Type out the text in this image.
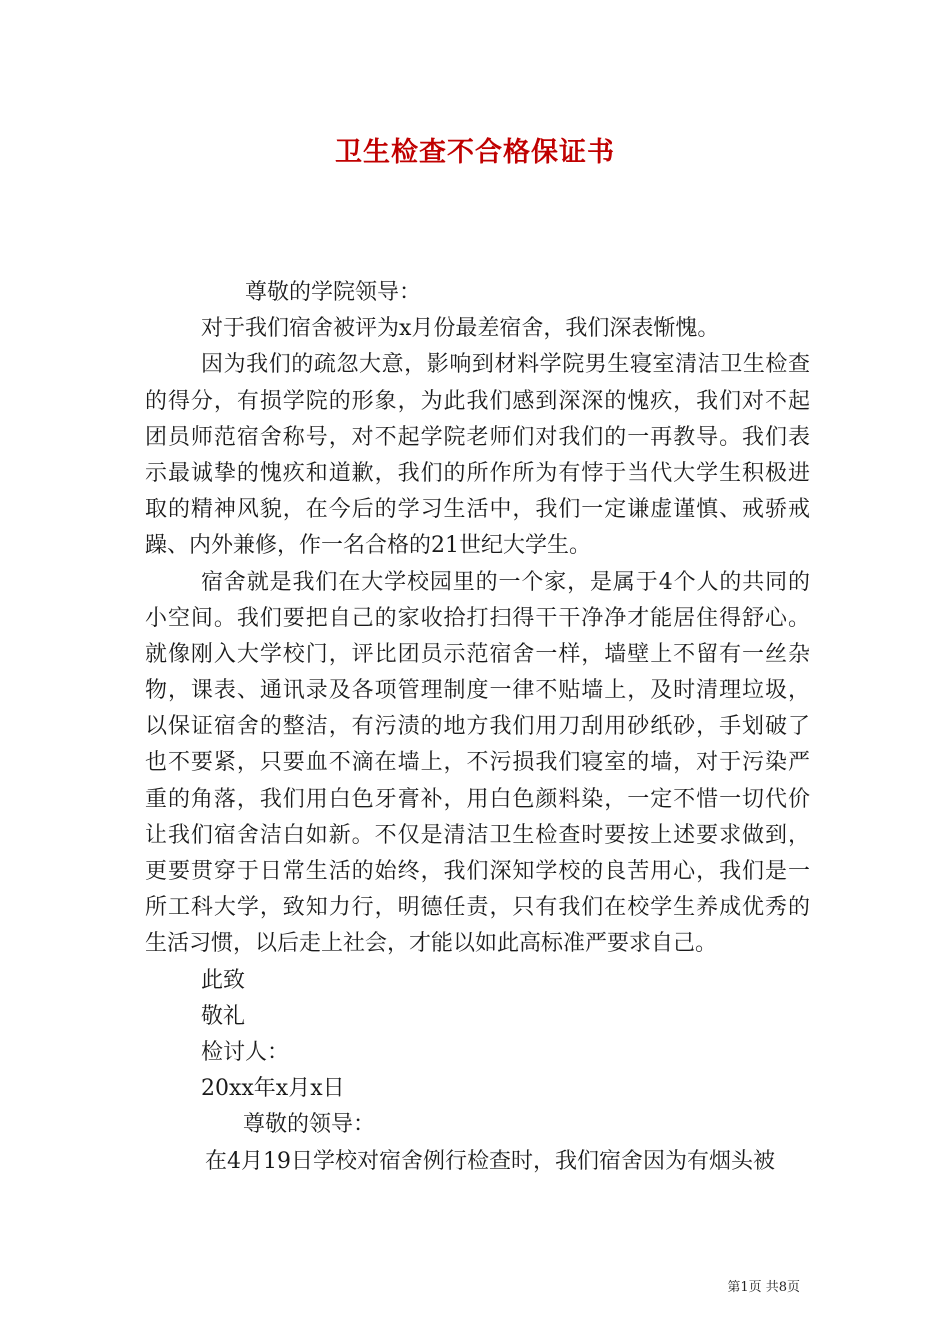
卫生检查不合格保证书
尊敬的学院领导：
对于我们宿舍被评为x月份最差宿舍，我们深表惭愧。
因为我们的疏忽大意，影响到材料学院男生寝室清洁卫生检查
的得分，有损学院的形象，为此我们感到深深的愧疚，我们对不起
团员师范宿舍称号，对不起学院老师们对我们的一再教导。我们表
示最诚挚的愧疚和道歉，我们的所作所为有悖于当代大学生积极进
取的精神风貌，在今后的学习生活中，我们一定谦虚谨慎、戒骄戒
躁、内外兼修，作一名合格的21世纪大学生。
宿舍就是我们在大学校园里的一个家，是属于4个人的共同的
小空间。我们要把自己的家收拾打扫得干干净净才能居住得舒心。
就像刚入大学校门，评比团员示范宿舍一样，墙壁上不留有一丝杂
物，课表、通讯录及各项管理制度一律不贴墙上，及时清理垃圾，
以保证宿舍的整洁，有污渍的地方我们用刀刮用砂纸砂，手划破了
也不要紧，只要血不滴在墙上，不污损我们寝室的墙，对于污染严
重的角落，我们用白色牙膏补，用白色颜料染，一定不惜一切代价
让我们宿舍洁白如新。不仅是清洁卫生检查时要按上述要求做到，
更要贯穿于日常生活的始终，我们深知学校的良苦用心，我们是一
所工科大学，致知力行，明德任责，只有我们在校学生养成优秀的
生活习惯，以后走上社会，才能以如此高标准严要求自己。
此致
敬礼
检讨人：
20xx年x月x日
尊敬的领导：
在4月19日学校对宿舍例行检查时，我们宿舍因为有烟头被
第1页 共8页
